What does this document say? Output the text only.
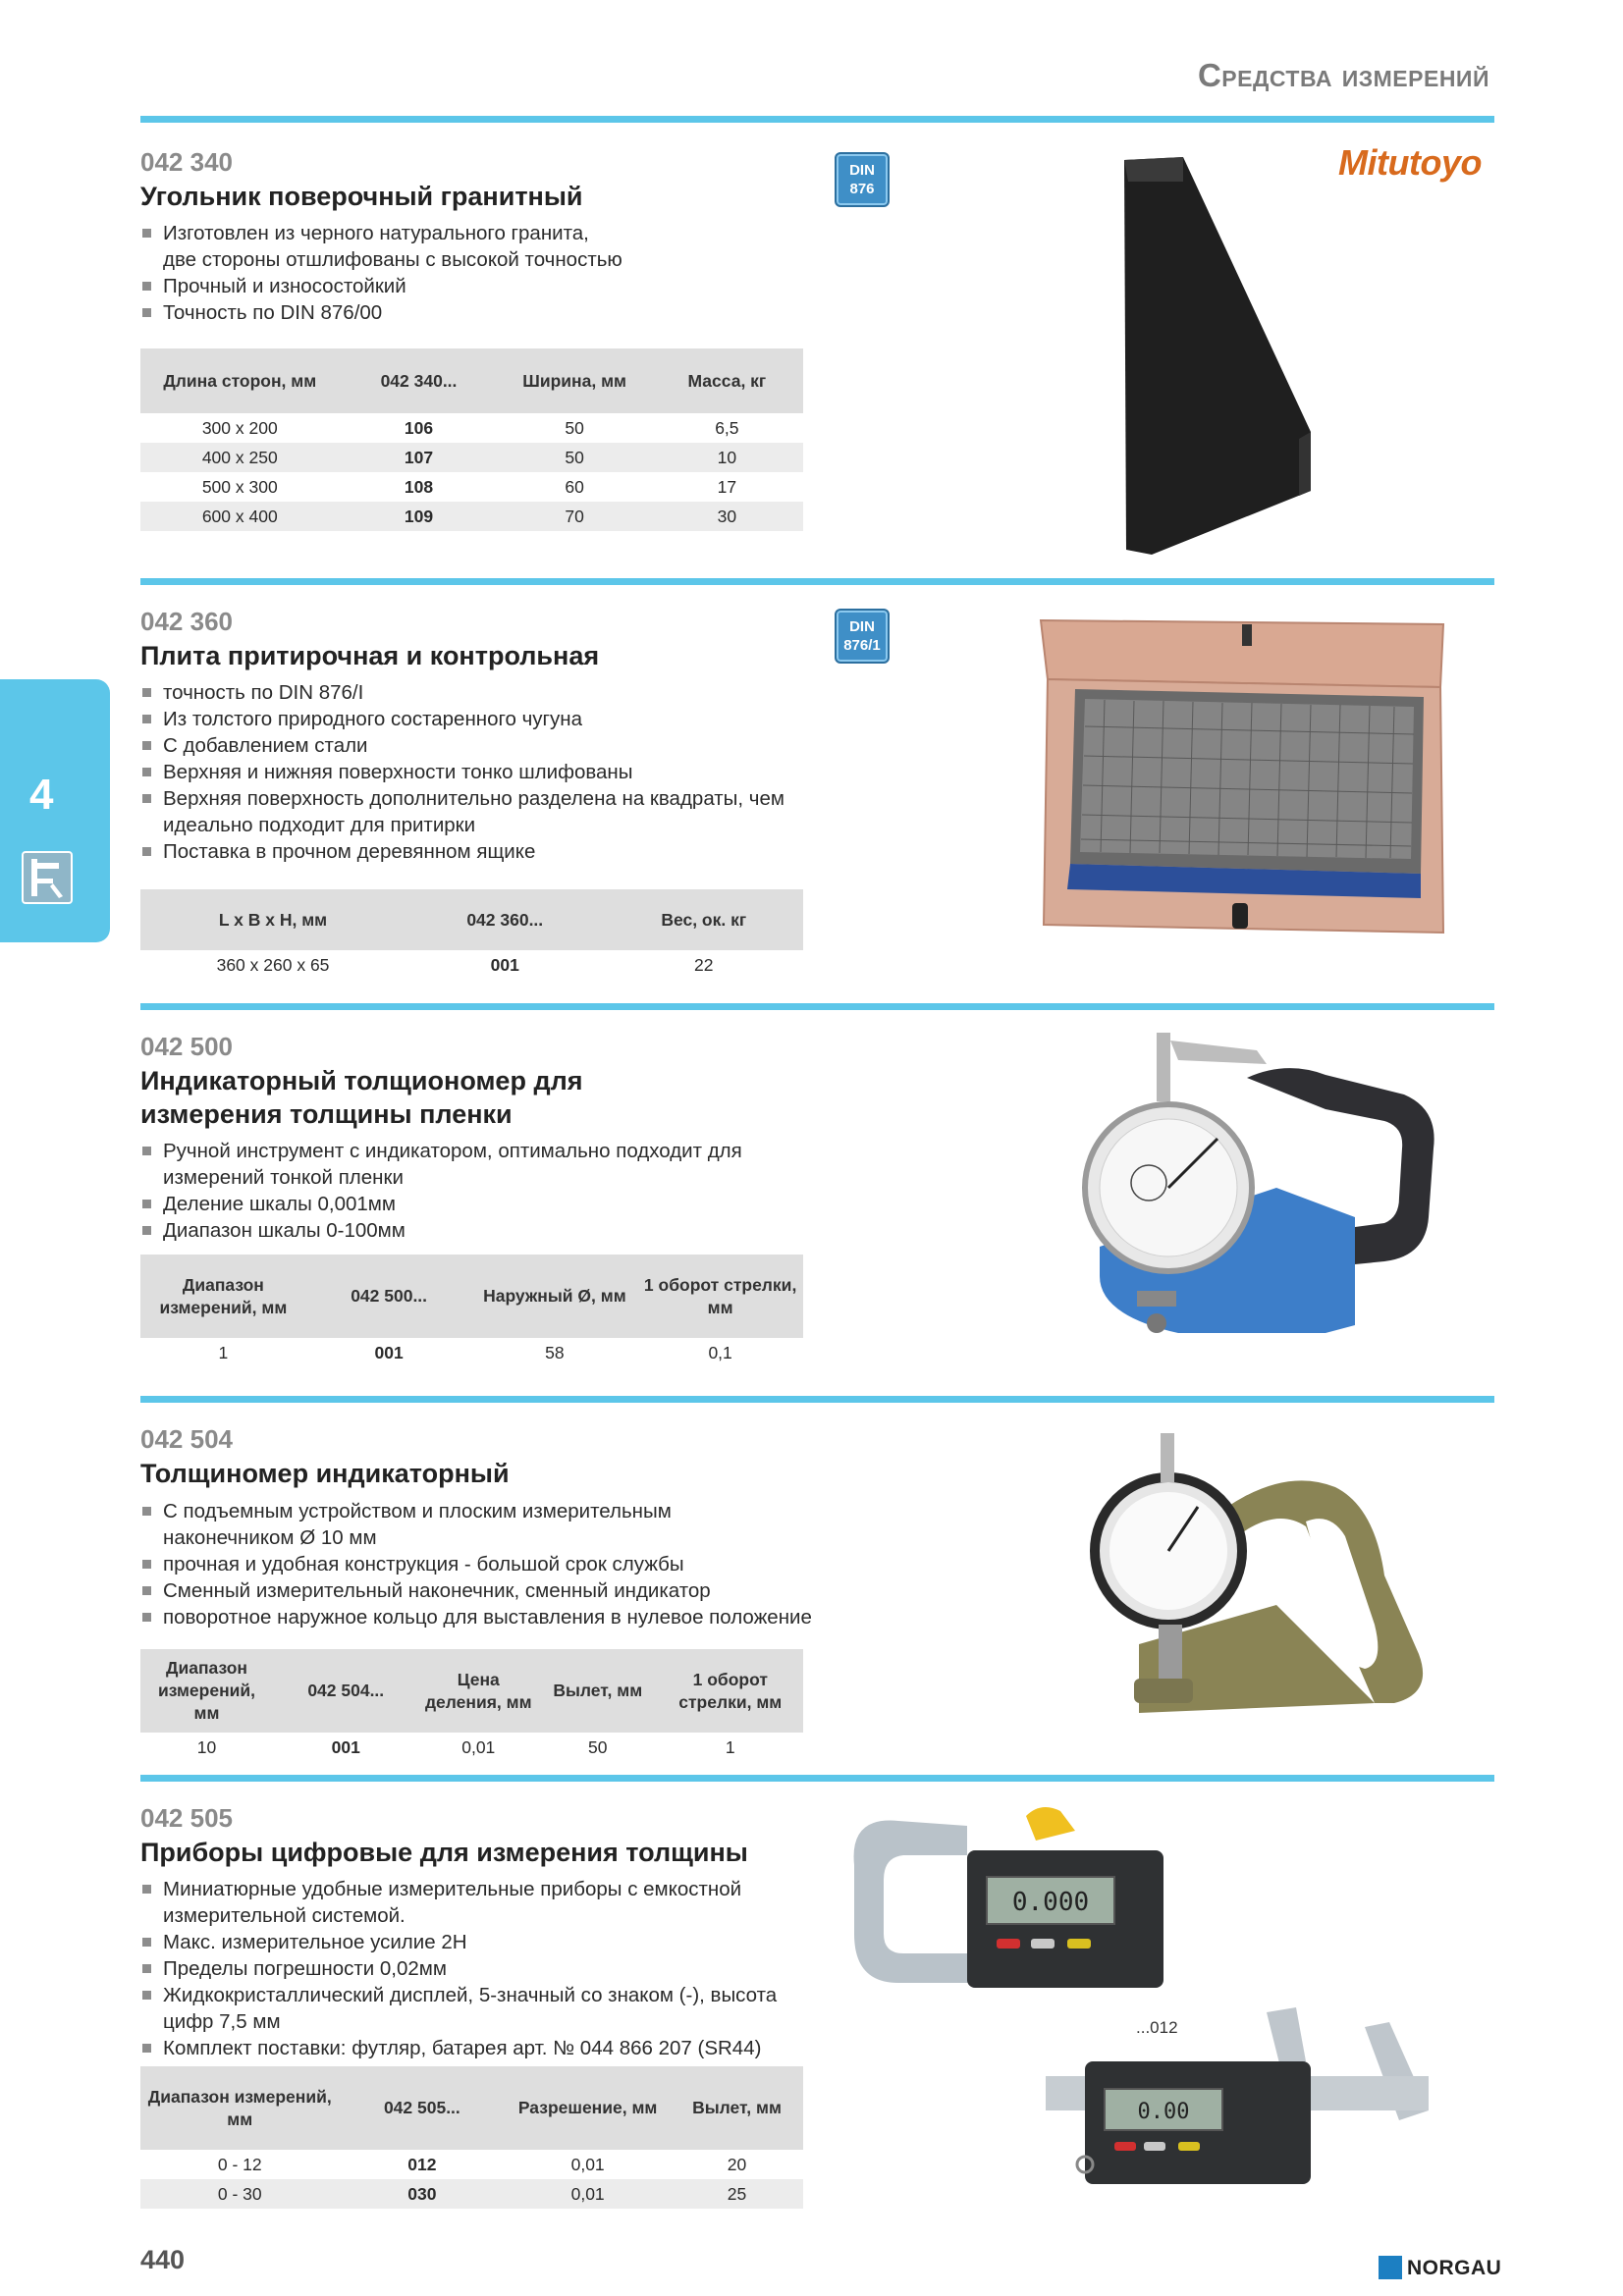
Средства измерений
4
042 340
Угольник поверочный гранитный
Изготовлен из черного натурального гранита,
две стороны отшлифованы с высокой точностью
Прочный и износостойкий
Точность по DIN 876/00
DIN
876
Mitutoyo
Длина сторон, мм	042 340...	Ширина, мм	Масса, кг
300 x 200	106	50	6,5
400 x 250	107	50	10
500 x 300	108	60	17
600 x 400	109	70	30
042 360
Плита притирочная и контрольная
точность по DIN 876/I
Из толстого природного состаренного чугуна
С добавлением стали
Верхняя и нижняя поверхности тонко шлифованы
Верхняя поверхность дополнительно разделена на квадраты, чем идеально подходит для притирки
Поставка в прочном деревянном ящике
DIN
876/1
L x B x H, мм	042 360...	Вес, ок. кг
360 x 260 x 65	001	22
042 500
Индикаторный толщиономер для измерения толщины пленки
Ручной инструмент с индикатором, оптимально подходит для измерений тонкой пленки
Деление шкалы 0,001мм
Диапазон шкалы 0-100мм
Диапазон измерений, мм	042 500...	Наружный Ø, мм	1 оборот стрелки, мм
1	001	58	0,1
042 504
Толщиномер индикаторный
С подъемным устройством и плоским измерительным наконечником Ø 10 мм
прочная и удобная конструкция - большой срок службы
Сменный измерительный наконечник, сменный индикатор
поворотное наружное кольцо для выставления в нулевое положение
Диапазон измерений, мм	042 504...	Цена деления, мм	Вылет, мм	1 оборот стрелки, мм
10	001	0,01	50	1
042 505
Приборы цифровые для измерения толщины
Миниатюрные удобные измерительные приборы с емкостной измерительной системой.
Макс. измерительное усилие 2Н
Пределы погрешности 0,02мм
Жидкокристаллический дисплей, 5-значный со знаком (-), высота цифр 7,5 мм
Комплект поставки: футляр, батарея арт. № 044 866 207 (SR44)
Диапазон измерений, мм	042 505...	Разрешение, мм	Вылет, мм
0 - 12	012	0,01	20
0 - 30	030	0,01	25
0.000
...012
0.00
440	NORGAU
